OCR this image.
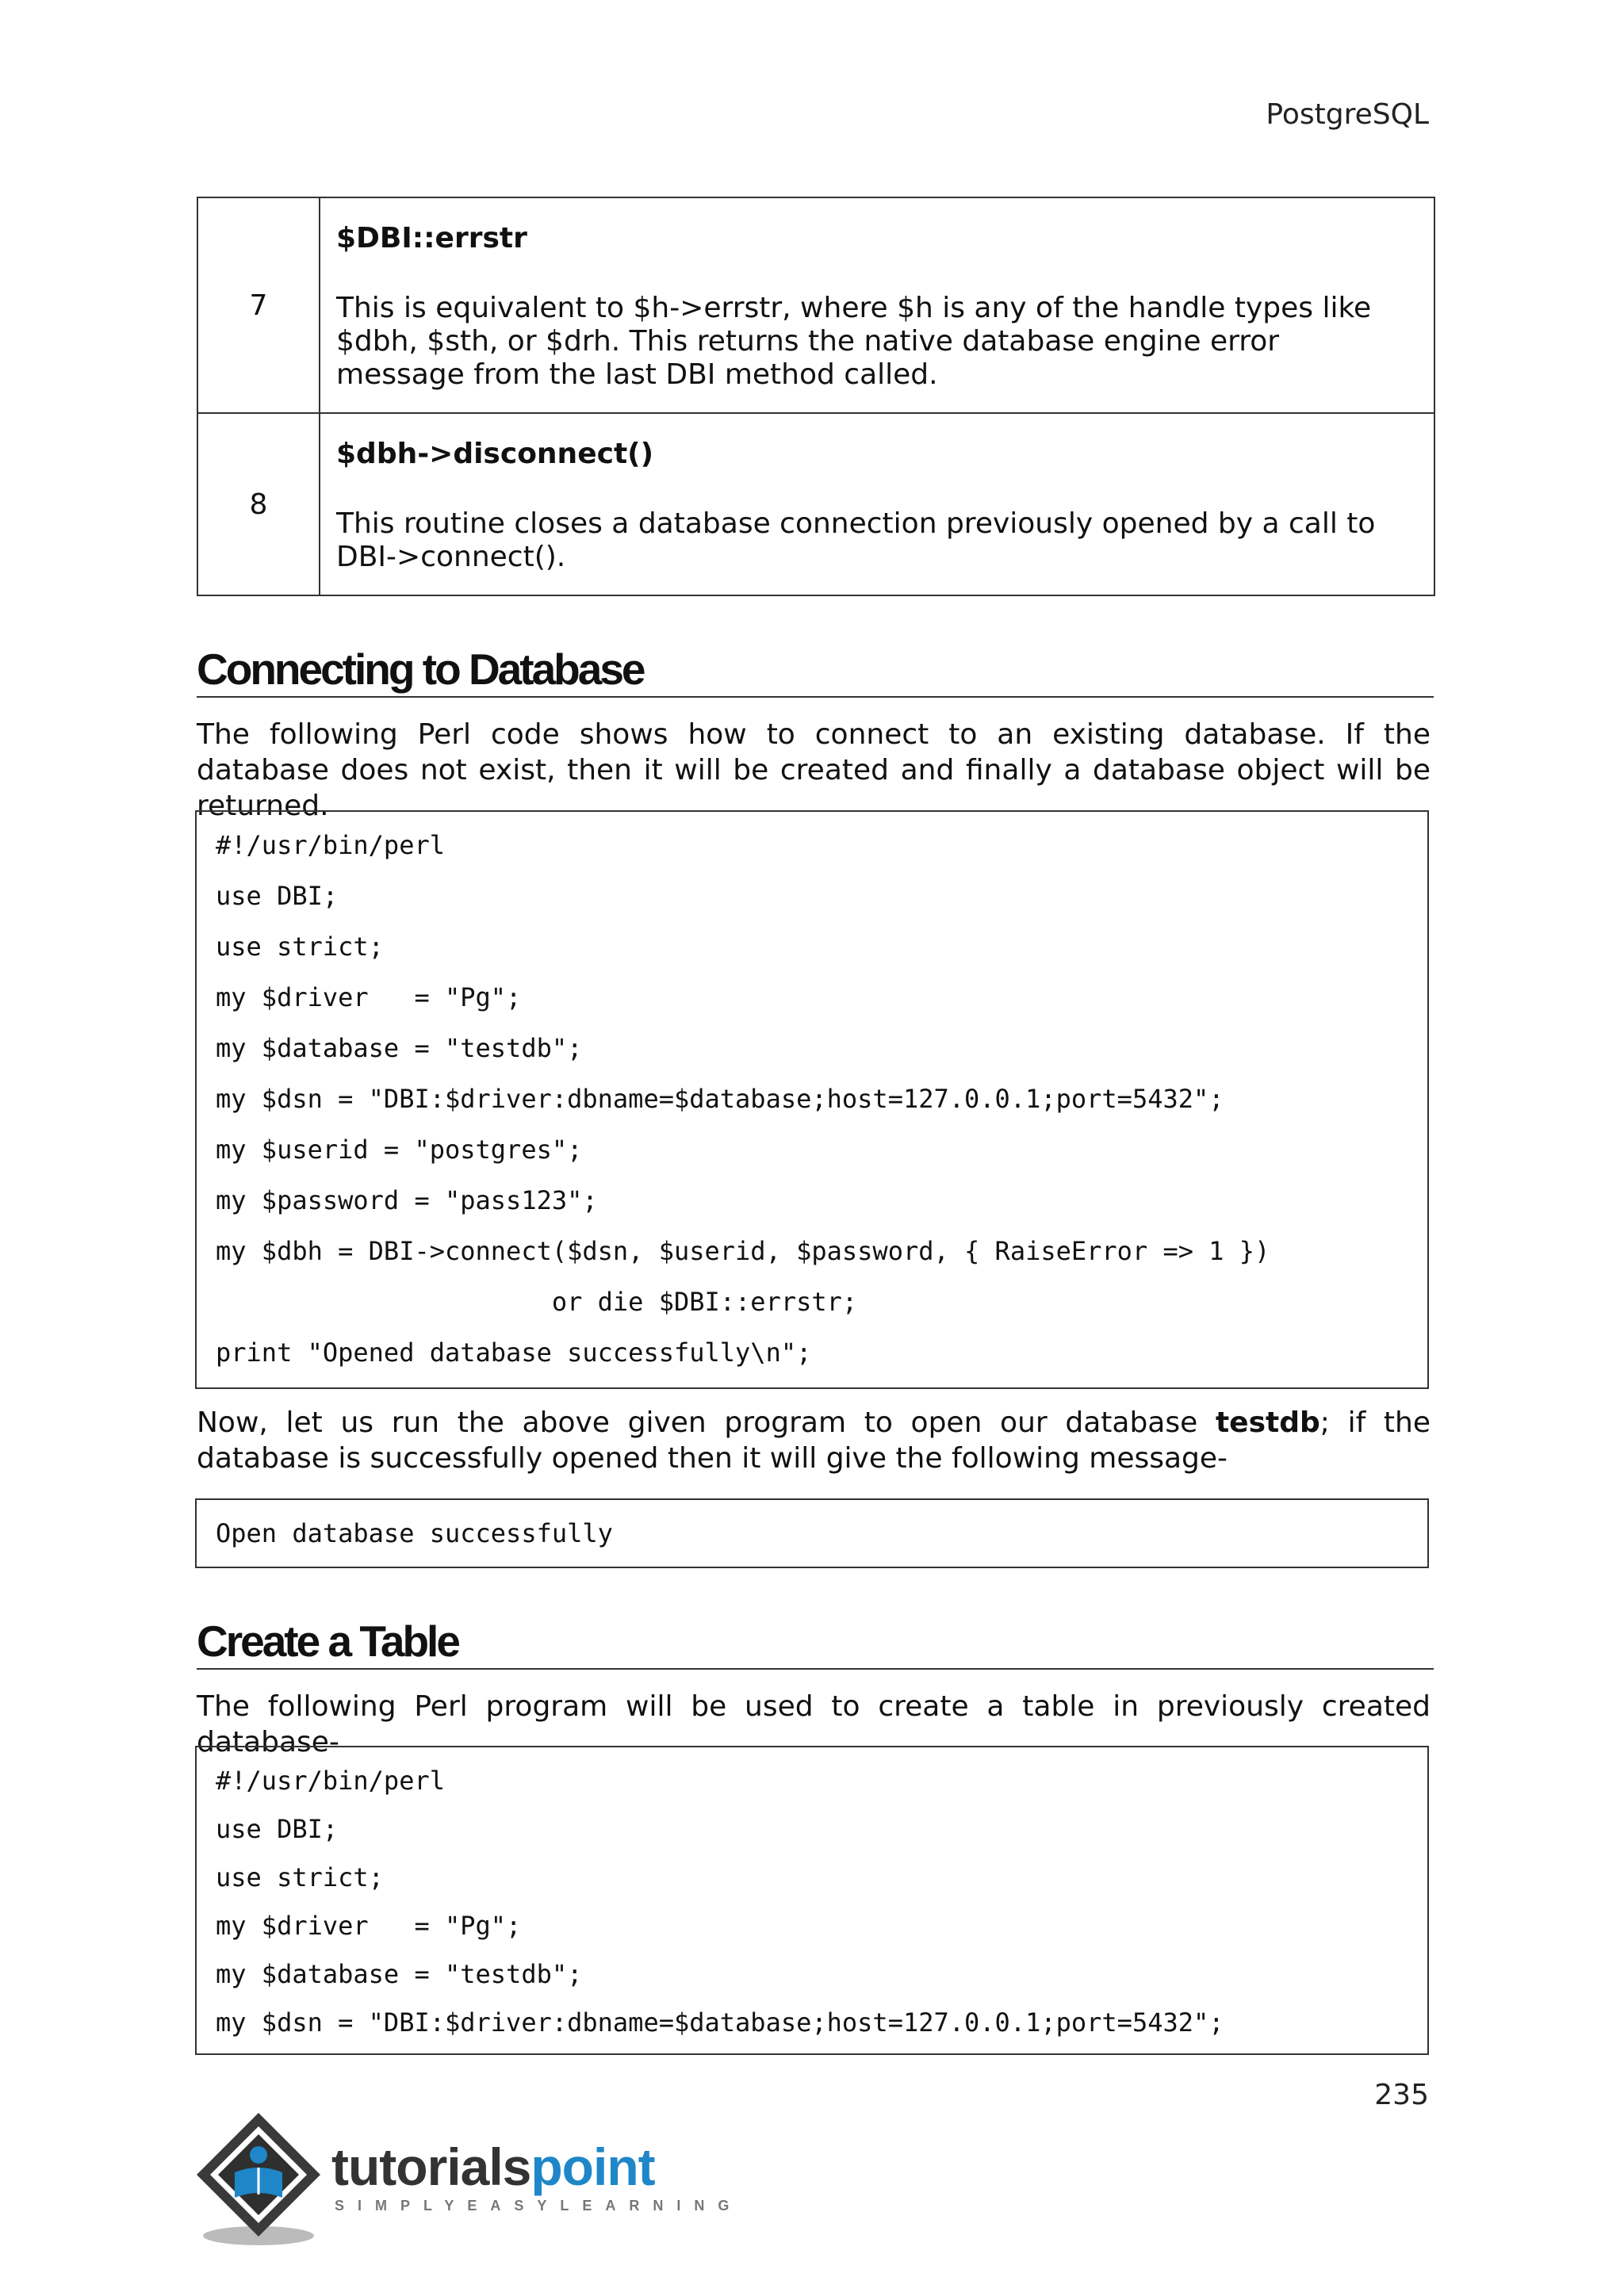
PostgreSQL
7	$DBI::errstr
This is equivalent to $h->errstr, where $h is any of the handle types like $dbh, $sth, or $drh. This returns the native database engine error message from the last DBI method called.

8	$dbh->disconnect()
This routine closes a database connection previously opened by a call to DBI->connect().
Connecting to Database
The following Perl code shows how to connect to an existing database. If the database does not exist, then it will be created and finally a database object will be returned.
#!/usr/bin/perl
use DBI;
use strict;
my $driver   = "Pg";
my $database = "testdb";
my $dsn = "DBI:$driver:dbname=$database;host=127.0.0.1;port=5432";
my $userid = "postgres";
my $password = "pass123";
my $dbh = DBI->connect($dsn, $userid, $password, { RaiseError => 1 })
or die $DBI::errstr;
print "Opened database successfully\n";
Now, let us run the above given program to open our database testdb; if the database is successfully opened then it will give the following message-
Open database successfully
Create a Table
The following Perl program will be used to create a table in previously created database-
#!/usr/bin/perl
use DBI;
use strict;
my $driver   = "Pg";
my $database = "testdb";
my $dsn = "DBI:$driver:dbname=$database;host=127.0.0.1;port=5432";
235
tutorialspoint
SIMPLYEASYLEARNING
